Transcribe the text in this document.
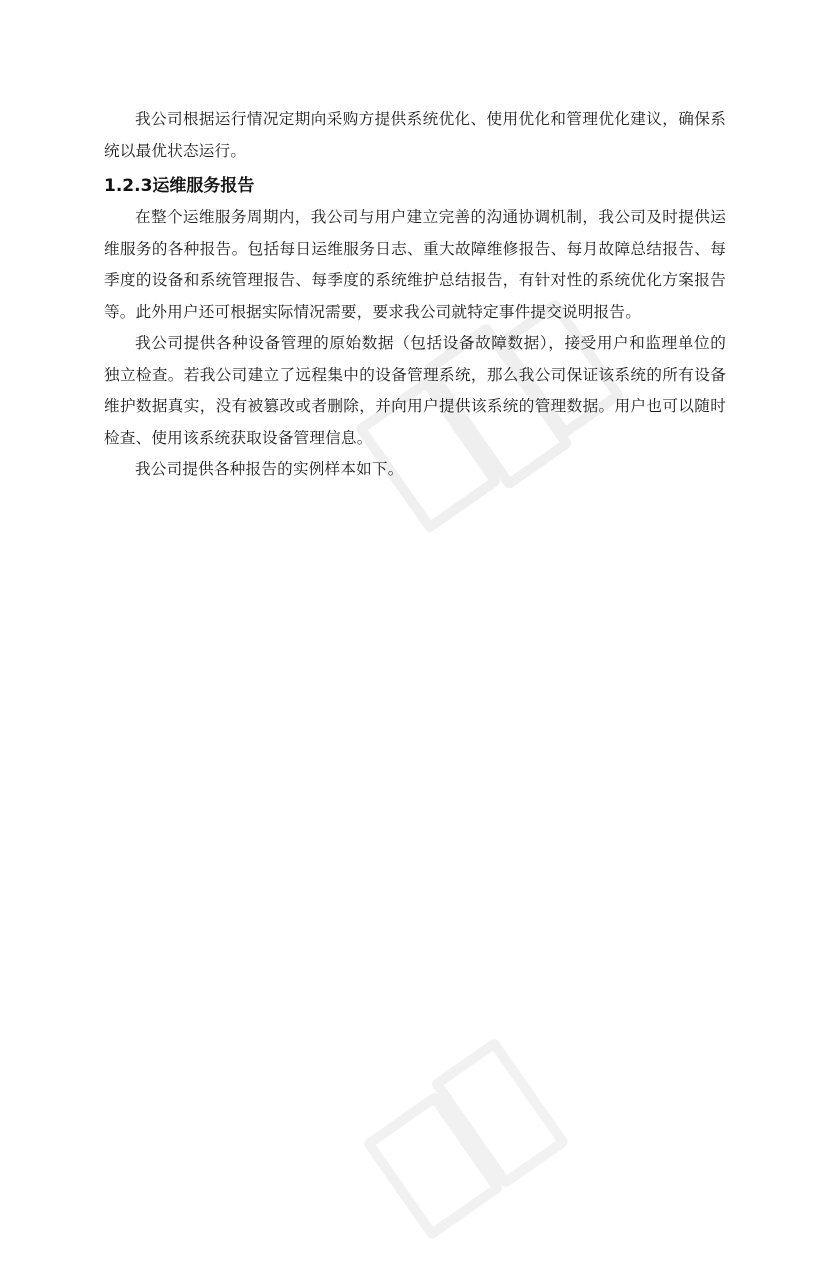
我公司根据运行情况定期向采购方提供系统优化、使用优化和管理优化建议，确保系统以最优状态运行。

1.2.3运维服务报告

在整个运维服务周期内，我公司与用户建立完善的沟通协调机制，我公司及时提供运维服务的各种报告。包括每日运维服务日志、重大故障维修报告、每月故障总结报告、每季度的设备和系统管理报告、每季度的系统维护总结报告，有针对性的系统优化方案报告等。此外用户还可根据实际情况需要，要求我公司就特定事件提交说明报告。

我公司提供各种设备管理的原始数据（包括设备故障数据），接受用户和监理单位的独立检查。若我公司建立了远程集中的设备管理系统，那么我公司保证该系统的所有设备维护数据真实，没有被篡改或者删除，并向用户提供该系统的管理数据。用户也可以随时检查、使用该系统获取设备管理信息。

我公司提供各种报告的实例样本如下。
